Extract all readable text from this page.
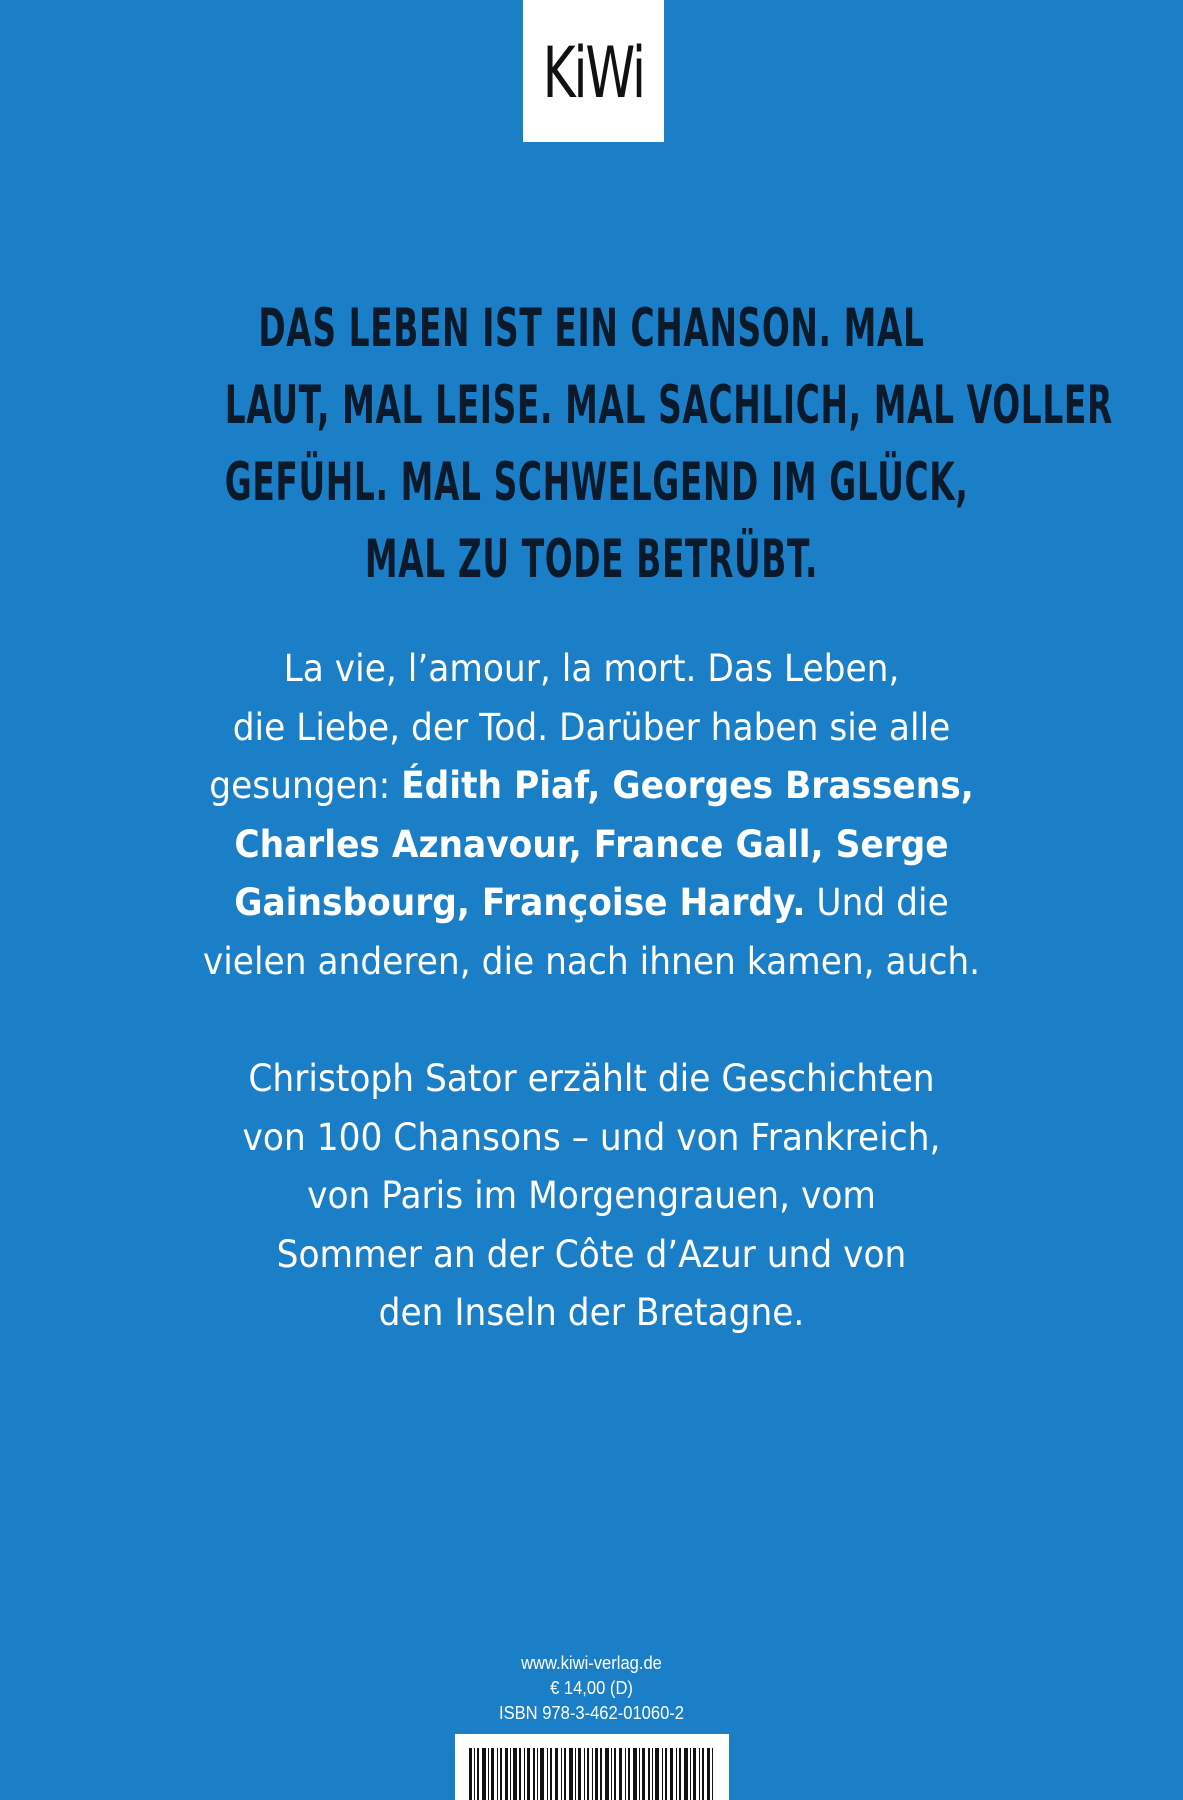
KiWi
DAS LEBEN IST EIN CHANSON. MAL
LAUT, MAL LEISE. MAL SACHLICH, MAL VOLLER
GEFÜHL. MAL SCHWELGEND IM GLÜCK,
MAL ZU TODE BETRÜBT.
La vie, l’amour, la mort. Das Leben,
die Liebe, der Tod. Darüber haben sie alle
gesungen: Édith Piaf, Georges Brassens,
Charles Aznavour, France Gall, Serge
Gainsbourg, Françoise Hardy. Und die
vielen anderen, die nach ihnen kamen, auch.
Christoph Sator erzählt die Geschichten
von 100 Chansons – und von Frankreich,
von Paris im Morgengrauen, vom
Sommer an der Côte d’Azur und von
den Inseln der Bretagne.
www.kiwi-verlag.de
€ 14,00 (D)
ISBN 978-3-462-01060-2
